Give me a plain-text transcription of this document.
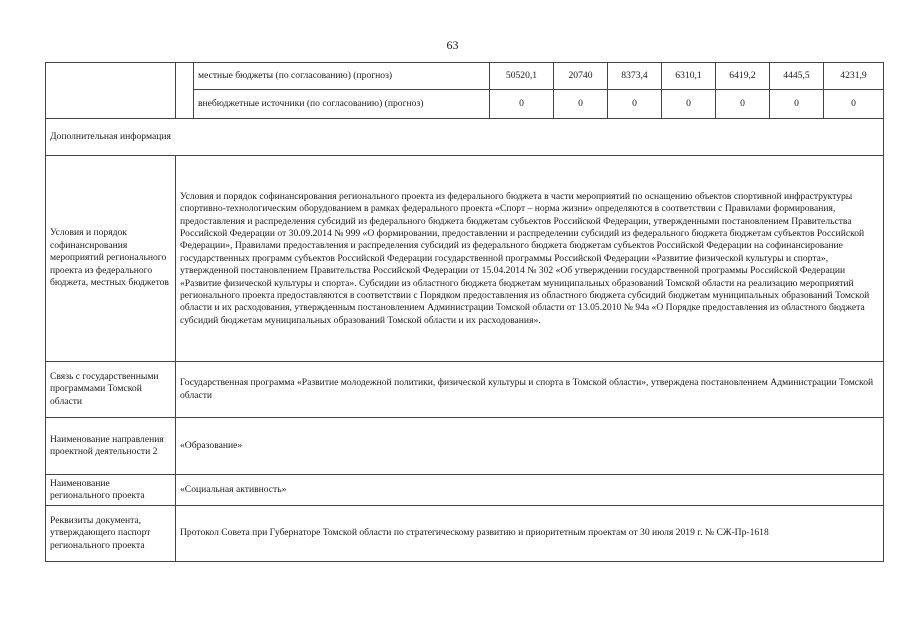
63
		местные бюджеты (по согласованию) (прогноз)	50520,1	20740	8373,4	6310,1	6419,2	4445,5	4231,9
		внебюджетные источники (по согласованию) (прогноз)	0	0	0	0	0	0	0
Дополнительная информация									
Условия и порядок софинансирования мероприятий регионального проекта из федерального бюджета, местных бюджетов	Условия и порядок софинансирования регионального проекта из федерального бюджета в части мероприятий по оснащению объектов спортивной инфраструктуры спортивно-технологическим оборудованием в рамках федерального проекта «Спорт – норма жизни» определяются в соответствии с Правилами формирования, предоставления и распределения субсидий из федерального бюджета бюджетам субъектов Российской Федерации, утвержденными постановлением Правительства Российской Федерации от 30.09.2014 № 999 «О формировании, предоставлении и распределении субсидий из федерального бюджета бюджетам субъектов Российской Федерации», Правилами предоставления и распределения субсидий из федерального бюджета бюджетам субъектов Российской Федерации на софинансирование государственных программ субъектов Российской Федерации государственной программы Российской Федерации «Развитие физической культуры и спорта», утвержденной постановлением Правительства Российской Федерации от 15.04.2014 № 302 «Об утверждении государственной программы Российской Федерации «Развитие физической культуры и спорта». Субсидии из областного бюджета бюджетам муниципальных образований Томской области на реализацию мероприятий регионального проекта предоставляются в соответствии с Порядком предоставления из областного бюджета субсидий бюджетам муниципальных образований Томской области и их расходования, утвержденным постановлением Администрации Томской области от 13.05.2010 № 94а «О Порядке предоставления из областного бюджета субсидий бюджетам муниципальных образований Томской области и их расходования».								
Связь с государственными программами Томской области	Государственная программа «Развитие молодежной политики, физической культуры и спорта в Томской области», утверждена постановлением Администрации Томской области								
Наименование направления проектной деятельности 2	«Образование»								
Наименование регионального проекта	«Социальная активность»								
Реквизиты документа, утверждающего паспорт регионального проекта	Протокол Совета при Губернаторе Томской области по стратегическому развитию и приоритетным проектам от 30 июля 2019 г. № СЖ-Пр-1618								
